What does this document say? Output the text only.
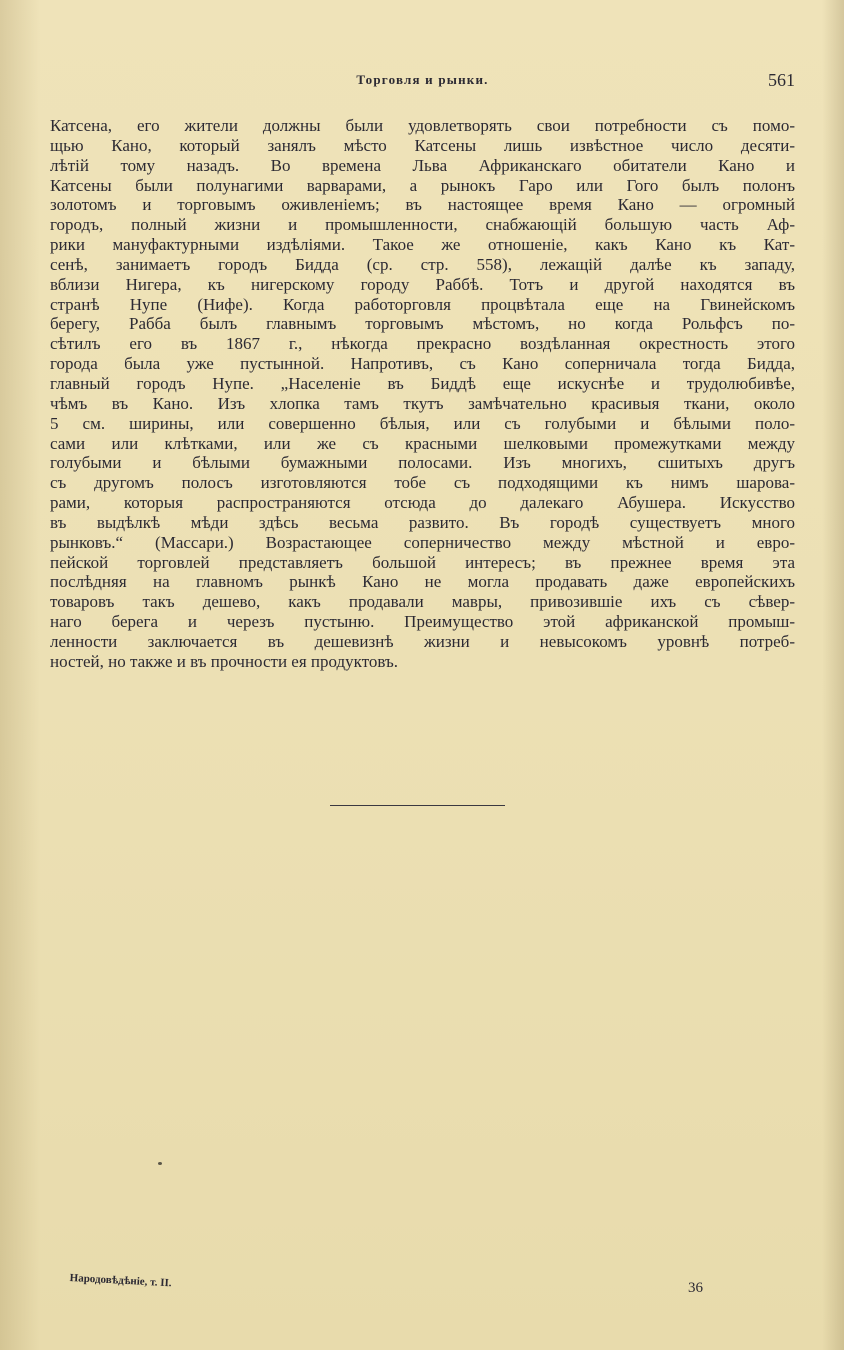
Торговля и рынки.	561
Катсена, его жители должны были удовлетворять свои потребности съ помо-
щью Кано, который занялъ мѣсто Катсены лишь извѣстное число десяти-
лѣтій тому назадъ. Во времена Льва Африканскаго обитатели Кано и
Катсены были полунагими варварами, а рынокъ Гаро или Гого былъ полонъ
золотомъ и торговымъ оживленіемъ; въ настоящее время Кано — огромный
городъ, полный жизни и промышленности, снабжающій большую часть Аф-
рики мануфактурными издѣліями. Такое же отношеніе, какъ Кано къ Кат-
сенѣ, занимаетъ городъ Бидда (ср. стр. 558), лежащій далѣе къ западу,
вблизи Нигера, къ нигерскому городу Раббѣ. Тотъ и другой находятся въ
странѣ Нупе (Нифе). Когда работорговля процвѣтала еще на Гвинейскомъ
берегу, Рабба былъ главнымъ торговымъ мѣстомъ, но когда Рольфсъ по-
сѣтилъ его въ 1867 г., нѣкогда прекрасно воздѣланная окрестность этого
города была уже пустынной. Напротивъ, съ Кано соперничала тогда Бидда,
главный городъ Нупе. „Населеніе въ Биддѣ еще искуснѣе и трудолюбивѣе,
чѣмъ въ Кано. Изъ хлопка тамъ ткутъ замѣчательно красивыя ткани, около
5 см. ширины, или совершенно бѣлыя, или съ голубыми и бѣлыми поло-
сами или клѣтками, или же съ красными шелковыми промежутками между
голубыми и бѣлыми бумажными полосами. Изъ многихъ, сшитыхъ другъ
съ другомъ полосъ изготовляются тобе съ подходящими къ нимъ шарова-
рами, которыя распространяются отсюда до далекаго Абушера. Искусство
въ выдѣлкѣ мѣди здѣсь весьма развито. Въ городѣ существуетъ много
рынковъ.“ (Массари.) Возрастающее соперничество между мѣстной и евро-
пейской торговлей представляетъ большой интересъ; въ прежнее время эта
послѣдняя на главномъ рынкѣ Кано не могла продавать даже европейскихъ
товаровъ такъ дешево, какъ продавали мавры, привозившіе ихъ съ сѣвер-
наго берега и черезъ пустыню. Преимущество этой африканской промыш-
ленности заключается въ дешевизнѣ жизни и невысокомъ уровнѣ потреб-
ностей, но также и въ прочности ея продуктовъ.
Народовѣдѣніе, т. II.	36
